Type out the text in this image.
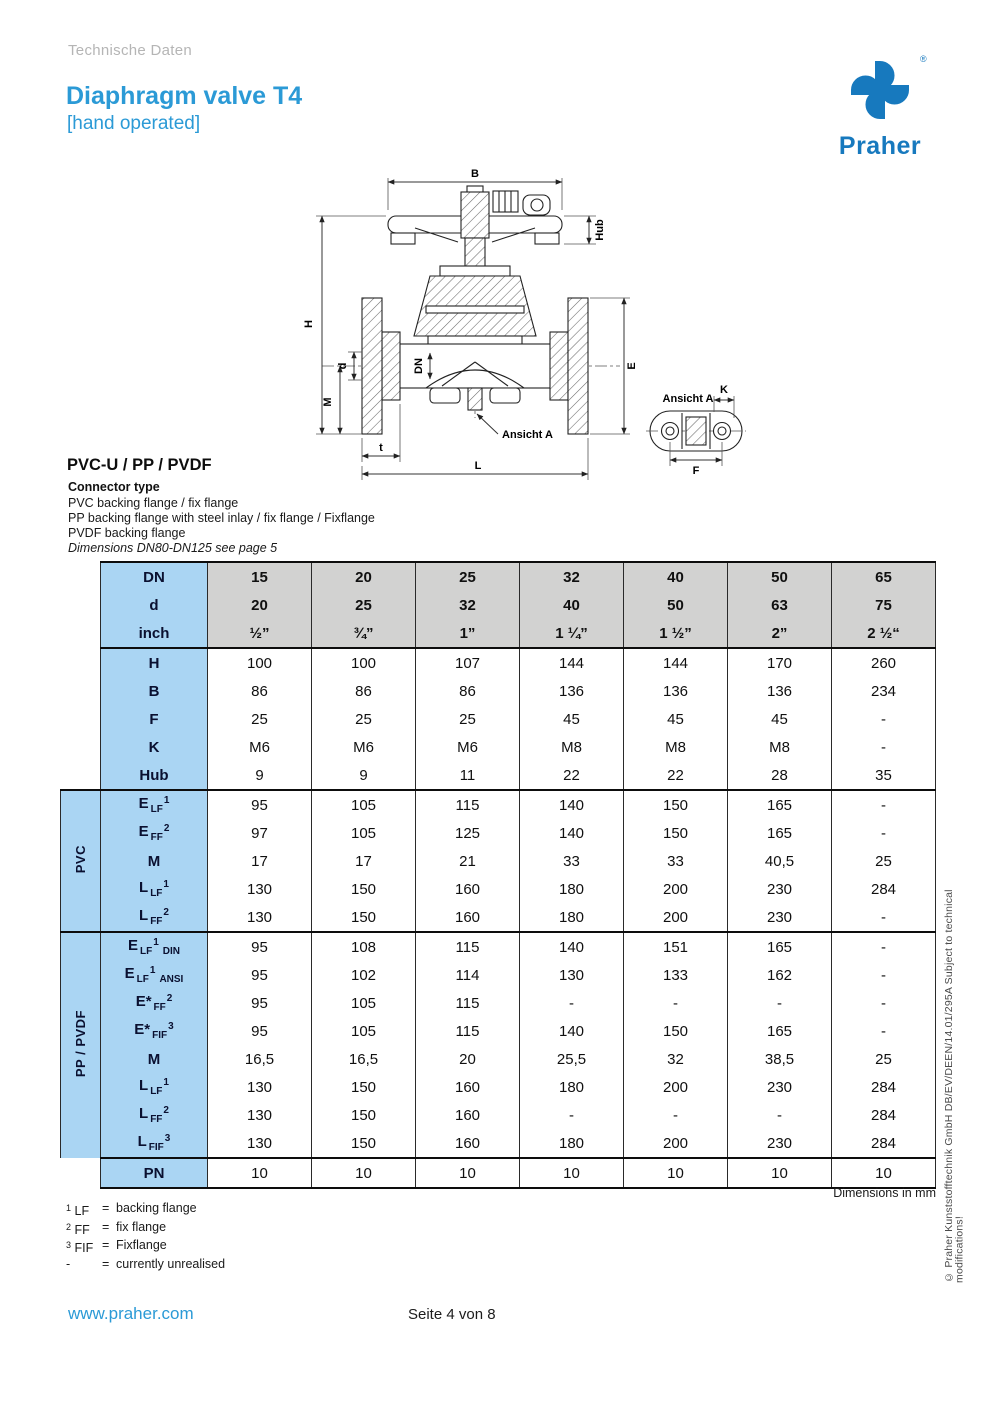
Technische Daten
Diaphragm valve T4
[hand operated]
®
Praher
B
Hub
H
M
d	DN	E
t
L
Ansicht A
Ansicht A
K
F
PVC-U / PP / PVDF
Connector type
PVC backing flange / fix flange
PP backing flange with steel inlay / fix flange / Fixflange
PVDF backing flange
Dimensions DN80-DN125 see page 5
	DN	15	20	25	32	40	50	65
	d	20	25	32	40	50	63	75
	inch	½”	¾”	1”	1 ¼”	1 ½”	2”	2 ½“
	H	100	100	107	144	144	170	260
	B	86	86	86	136	136	136	234
	F	25	25	25	45	45	45	-
	K	M6	M6	M6	M8	M8	M8	-
	Hub	9	9	11	22	22	28	35
PVC	E $_{LF}^1$	95	105	115	140	150	165	-
	E $_{FF}^2$	97	105	125	140	150	165	-
	M	17	17	21	33	33	40,5	25
	L $_{LF}^1$	130	150	160	180	200	230	284
	L $_{FF}^2$	130	150	160	180	200	230	-
PP / PVDF	E $_{LF}^1_{DIN}$	95	108	115	140	151	165	-
	E $_{LF}^1_{ANSI}$	95	102	114	130	133	162	-
	E* $_{FF}^2$	95	105	115	-	-	-	-
	E* $_{FIF}^3$	95	105	115	140	150	165	-
	M	16,5	16,5	20	25,5	32	38,5	25
	L $_{LF}^1$	130	150	160	180	200	230	284
	L $_{FF}^2$	130	150	160	-	-	-	284
	L $_{FIF}^3$	130	150	160	180	200	230	284
	PN	10	10	10	10	10	10	10
Dimensions in mm
$^1$ LF	= backing flange
$^2$ FF = fix flange
$^3$ FIF = Fixflange
-	= currently unrealised
www.praher.com	Seite 4 von 8
© Praher Kunststofftechnik GmbH DB/EV/DEEN/14.01/295A Subject to technical modifications!
